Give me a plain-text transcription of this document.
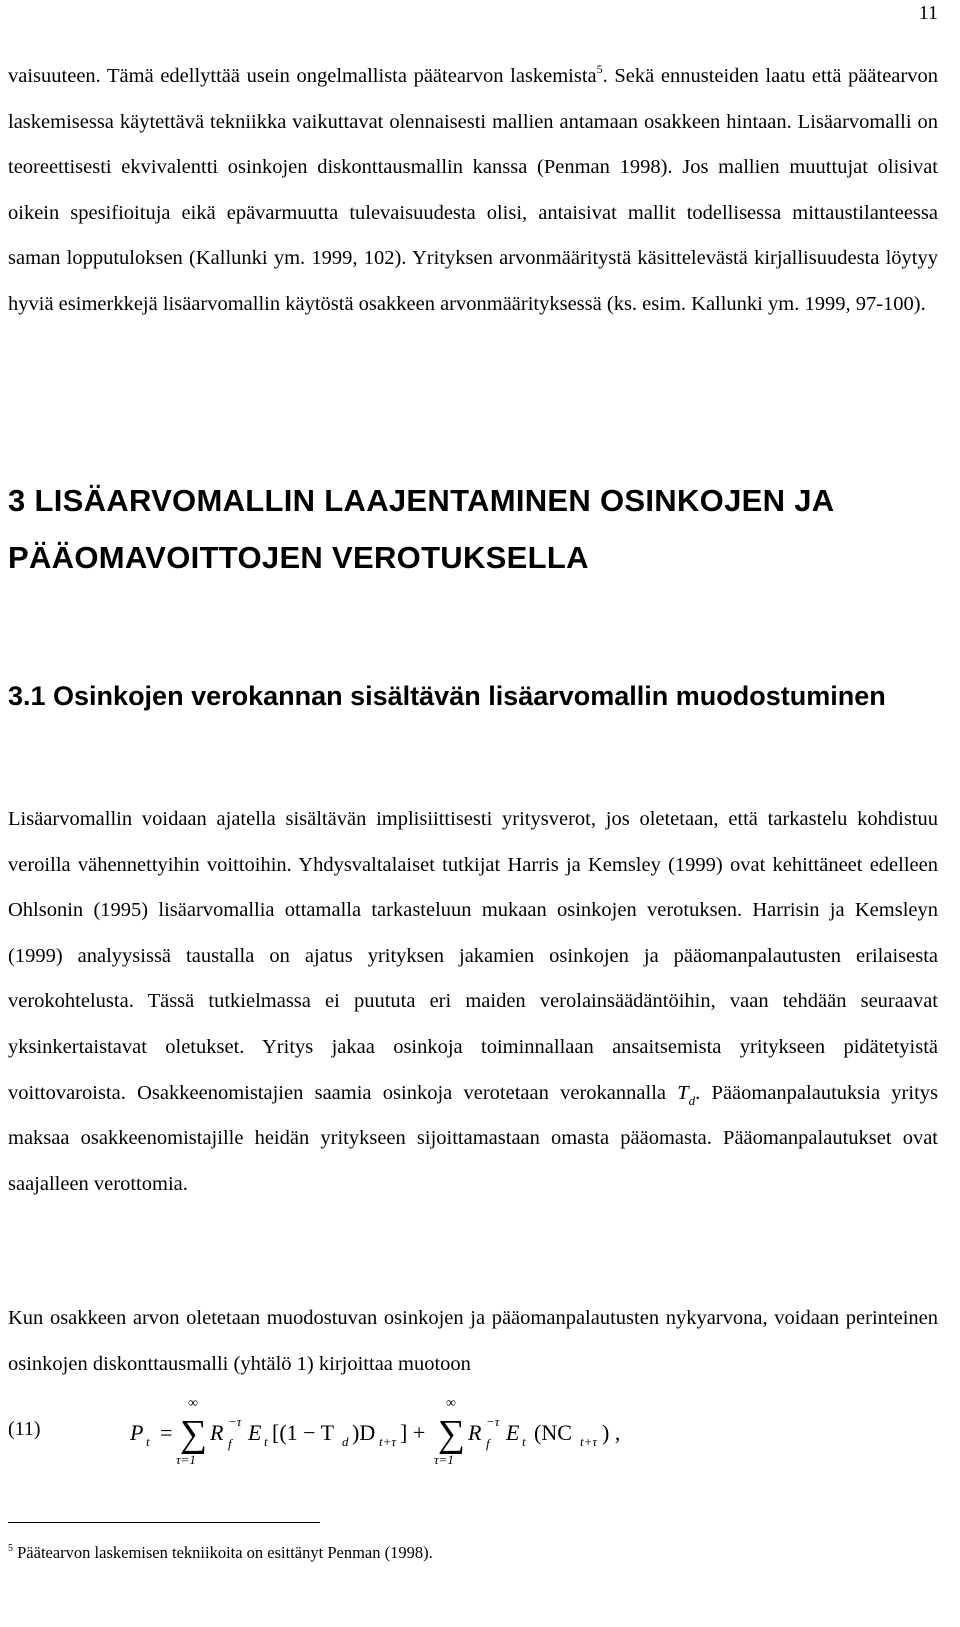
11

vaisuuteen. Tämä edellyttää usein ongelmallista päätearvon laskemista$^5$. Sekä ennusteiden laatu että päätearvon laskemisessa käytettävä tekniikka vaikuttavat olennaisesti mallien antamaan osakkeen hintaan. Lisäarvomalli on teoreettisesti ekvivalentti osinkojen diskonttausmallin kanssa (Penman 1998). Jos mallien muuttujat olisivat oikein spesifioituja eikä epävarmuutta tulevaisuudesta olisi, antaisivat mallit todellisessa mittaustilanteessa saman lopputuloksen (Kallunki ym. 1999, 102). Yrityksen arvonmääritystä käsittelevästä kirjallisuudesta löytyy hyviä esimerkkejä lisäarvomallin käytöstä osakkeen arvonmäärityksessä (ks. esim. Kallunki ym. 1999, 97-100).

3 LISÄARVOMALLIN LAAJENTAMINEN OSINKOJEN JA PÄÄOMAVOITTOJEN VEROTUKSELLA
3.1 Osinkojen verokannan sisältävän lisäarvomallin muodostuminen

Lisäarvomallin voidaan ajatella sisältävän implisiittisesti yritysverot, jos oletetaan, että tarkastelu kohdistuu veroilla vähennettyihin voittoihin. Yhdysvaltalaiset tutkijat Harris ja Kemsley (1999) ovat kehittäneet edelleen Ohlsonin (1995) lisäarvomallia ottamalla tarkasteluun mukaan osinkojen verotuksen. Harrisin ja Kemsleyn (1999) analyysissä taustalla on ajatus yrityksen jakamien osinkojen ja pääomanpalautusten erilaisesta verokohtelusta. Tässä tutkielmassa ei puututa eri maiden verolainsäädäntöihin, vaan tehdään seuraavat yksinkertaistavat oletukset. Yritys jakaa osinkoja toiminnallaan ansaitsemista yritykseen pidätetyistä voittovaroista. Osakkeenomistajien saamia osinkoja verotetaan verokannalla $T_d$. Pääomanpalautuksia yritys maksaa osakkeenomistajille heidän yritykseen sijoittamastaan omasta pääomasta. Pääomanpalautukset ovat saajalleen verottomia.

Kun osakkeen arvon oletetaan muodostuvan osinkojen ja pääomanpalautusten nykyarvona, voidaan perinteinen osinkojen diskonttausmalli (yhtälö 1) kirjoittaa muotoon

(11)	P t =
∞
∑
τ=1
R f
−τ E t [(1 − T d )D t+τ ] +
∞
∑
τ=1
R f
−τ E t (NC t+τ ) ,
$^5$ Päätearvon laskemisen tekniikoita on esittänyt Penman (1998).
